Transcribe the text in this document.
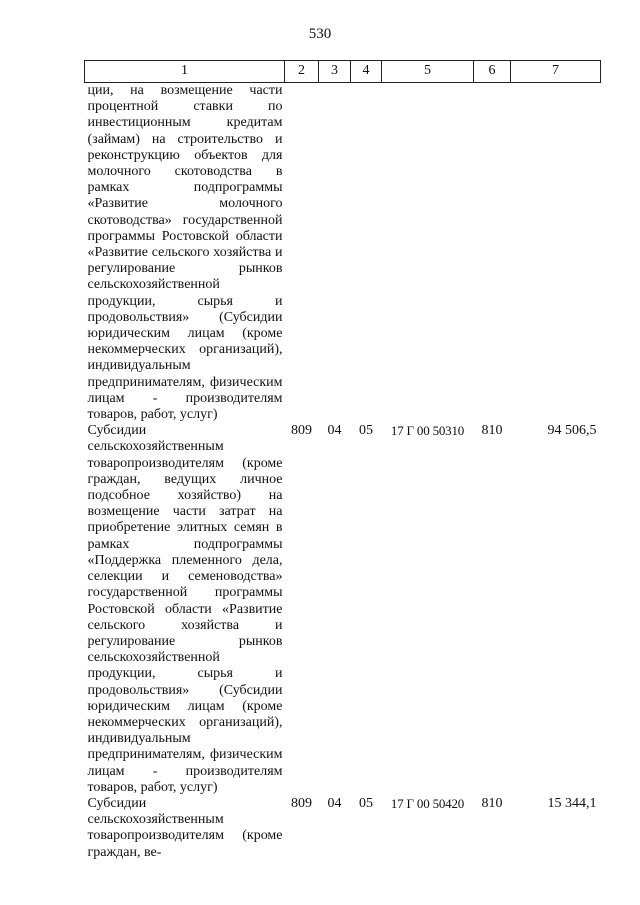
530
1	2	3	4	5	6	7
ции, на возмещение части процентной ставки по инвестиционным кредитам (займам) на строительство и реконструкцию объектов для молочного скотоводства в рамках подпрограммы «Развитие молочного скотоводства» государственной программы Ростовской области «Развитие сельского хозяйства и регулирование рынков сельскохозяйственной продукции, сырья и продовольствия» (Субсидии юридическим лицам (кроме некоммерческих организаций), индивидуальным предпринимателям, физическим лицам - производителям товаров, работ, услуг)						
Субсидии сельскохозяйственным товаропроизводителям (кроме граждан, ведущих личное подсобное хозяйство) на возмещение части затрат на приобретение элитных семян в рамках подпрограммы «Поддержка племенного дела, селекции и семеноводства» государственной программы Ростовской области «Развитие сельского хозяйства и регулирование рынков сельскохозяйственной продукции, сырья и продовольствия» (Субсидии юридическим лицам (кроме некоммерческих организаций), индивидуальным предпринимателям, физическим лицам - производителям товаров, работ, услуг)	809	04	05	17 Г 00 50310	810	94 506,5
Субсидии сельскохозяйственным товаропроизводителям (кроме граждан, ве-	809	04	05	17 Г 00 50420	810	15 344,1
